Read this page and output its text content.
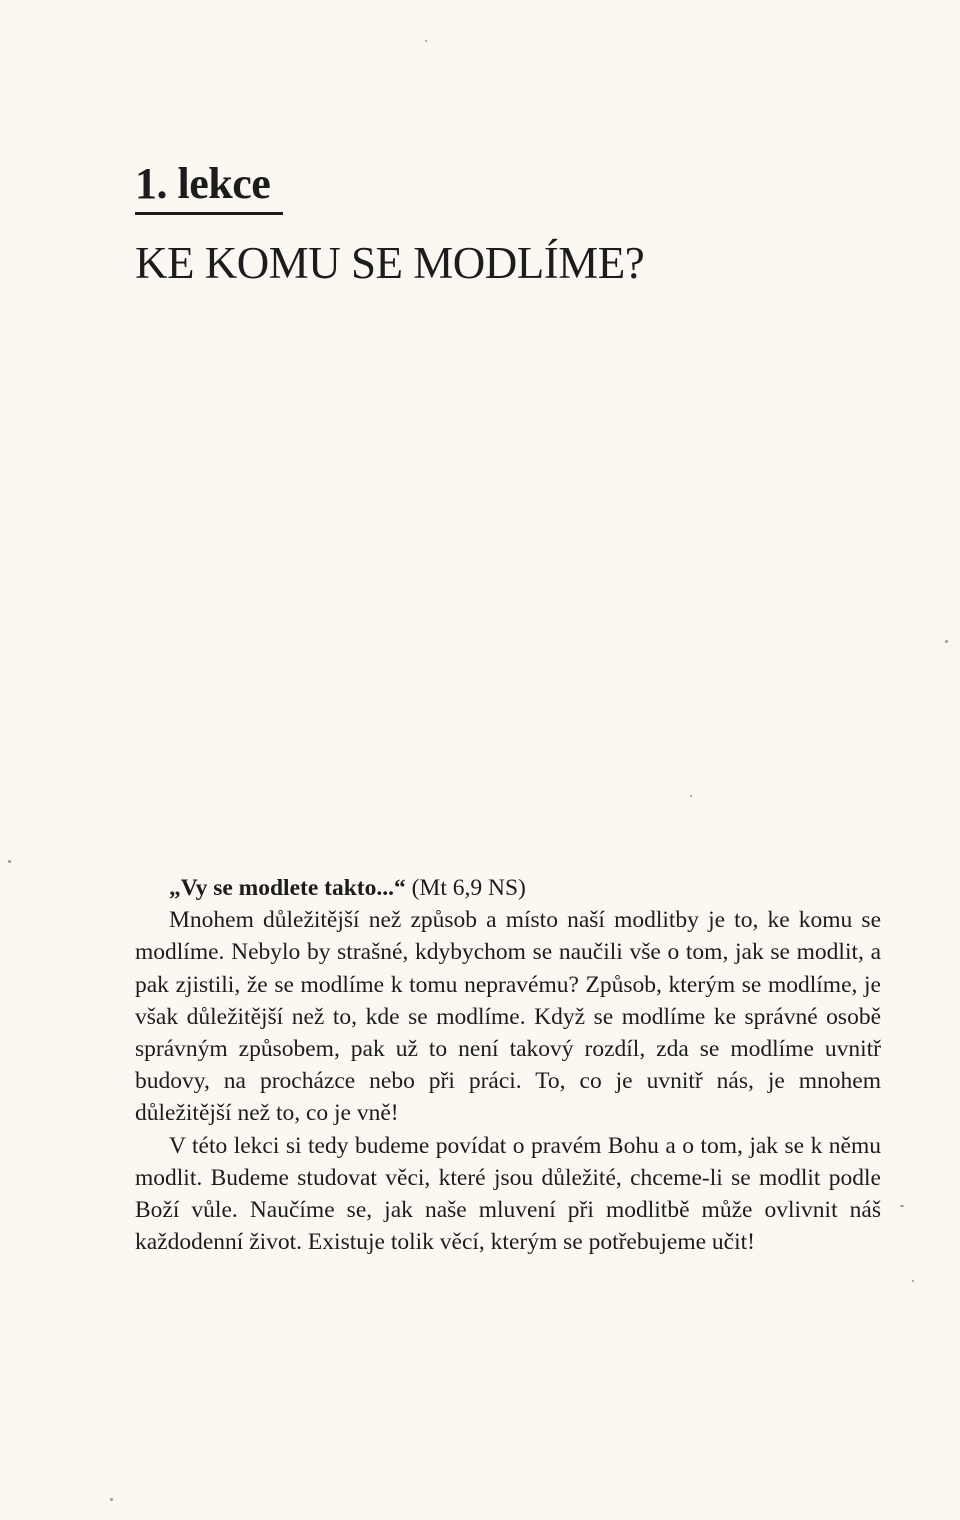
1. lekce
KE KOMU SE MODLÍME?

„Vy se modlete takto...“ (Mt 6,9 NS)

Mnohem důležitější než způsob a místo naší modlitby je to, ke komu se modlíme. Nebylo by strašné, kdybychom se naučili vše o tom, jak se modlit, a pak zjistili, že se modlíme k tomu nepravému? Způsob, kterým se modlíme, je však důležitější než to, kde se modlíme. Když se modlíme ke správné osobě správným způsobem, pak už to není takový rozdíl, zda se modlíme uvnitř budovy, na procházce nebo při práci. To, co je uvnitř nás, je mnohem důležitější než to, co je vně!

V této lekci si tedy budeme povídat o pravém Bohu a o tom, jak se k němu modlit. Budeme studovat věci, které jsou důležité, chceme-li se modlit podle Boží vůle. Naučíme se, jak naše mluvení při modlitbě může ovlivnit náš každodenní život. Existuje tolik věcí, kterým se potřebujeme učit!
